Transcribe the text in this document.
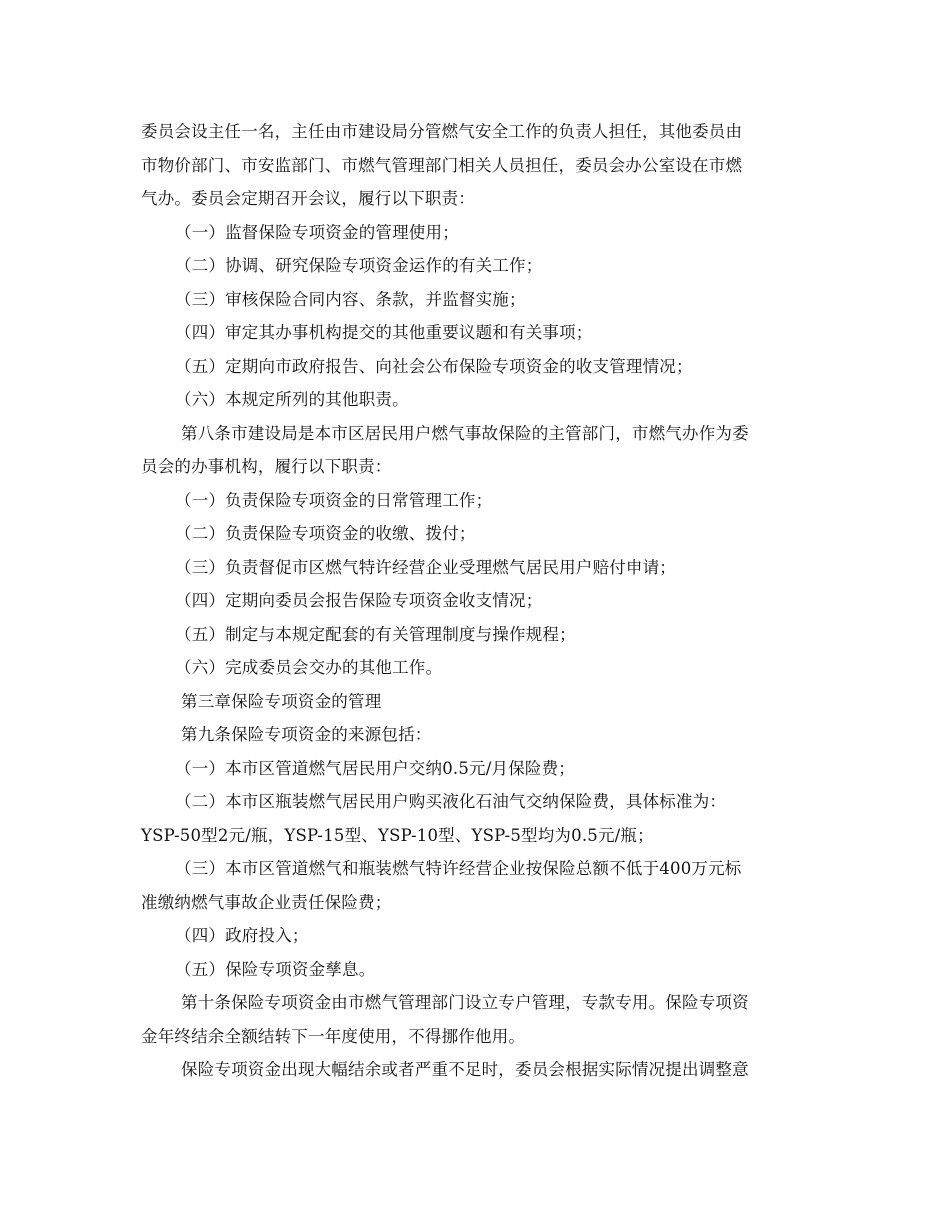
委员会设主任一名，主任由市建设局分管燃气安全工作的负责人担任，其他委员由
市物价部门、市安监部门、市燃气管理部门相关人员担任，委员会办公室设在市燃
气办。委员会定期召开会议，履行以下职责：
（一）监督保险专项资金的管理使用；
（二）协调、研究保险专项资金运作的有关工作；
（三）审核保险合同内容、条款，并监督实施；
（四）审定其办事机构提交的其他重要议题和有关事项；
（五）定期向市政府报告、向社会公布保险专项资金的收支管理情况；
（六）本规定所列的其他职责。
第八条市建设局是本市区居民用户燃气事故保险的主管部门，市燃气办作为委
员会的办事机构，履行以下职责：
（一）负责保险专项资金的日常管理工作；
（二）负责保险专项资金的收缴、拨付；
（三）负责督促市区燃气特许经营企业受理燃气居民用户赔付申请；
（四）定期向委员会报告保险专项资金收支情况；
（五）制定与本规定配套的有关管理制度与操作规程；
（六）完成委员会交办的其他工作。
第三章保险专项资金的管理
第九条保险专项资金的来源包括：
（一）本市区管道燃气居民用户交纳0.5元/月保险费；
（二）本市区瓶装燃气居民用户购买液化石油气交纳保险费，具体标准为：
YSP-50型2元/瓶，YSP-15型、YSP-10型、YSP-5型均为0.5元/瓶；
（三）本市区管道燃气和瓶装燃气特许经营企业按保险总额不低于400万元标
准缴纳燃气事故企业责任保险费；
（四）政府投入；
（五）保险专项资金孳息。
第十条保险专项资金由市燃气管理部门设立专户管理，专款专用。保险专项资
金年终结余全额结转下一年度使用，不得挪作他用。
保险专项资金出现大幅结余或者严重不足时，委员会根据实际情况提出调整意
